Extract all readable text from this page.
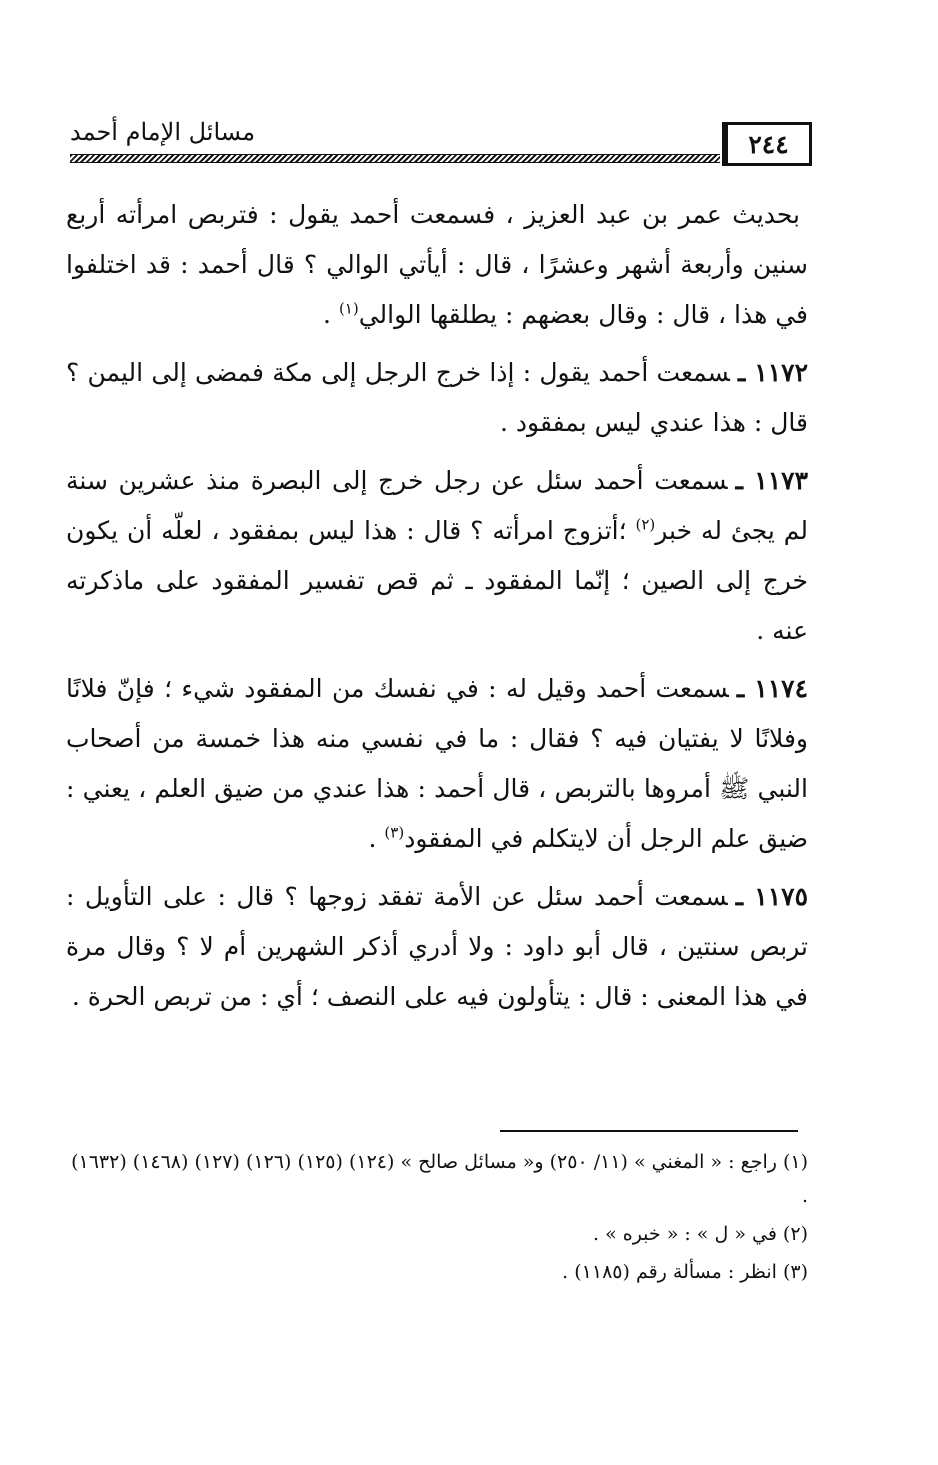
٢٤٤
مسائل الإمام أحمد

بحديث عمر بن عبد العزيز ، فسمعت أحمد يقول : فتربص امرأته أربع سنين وأربعة أشهر وعشرًا ، قال : أيأتي الوالي ؟ قال أحمد : قد اختلفوا في هذا ، قال : وقال بعضهم : يطلقها الوالي$^{(١)}$ .

١١٧٢ ـسمعت أحمد يقول : إذا خرج الرجل إلى مكة فمضى إلى اليمن ؟قال : هذا عندي ليس بمفقود .

١١٧٣ ـسمعت أحمد سئل عن رجل خرج إلى البصرة منذ عشرين سنة لم يجئ له خبر$^{(٢)}$ ؛أتزوج امرأته ؟ قال : هذا ليس بمفقود ، لعلّه أن يكون خرج إلى الصين ؛ إنّما المفقود ـ ثم قص تفسير المفقود على ماذكرته عنه .

١١٧٤ ـسمعت أحمد وقيل له : في نفسك من المفقود شيء ؛ فإنّ فلانًا وفلانًا لا يفتيان فيه ؟ فقال : ما في نفسي منه هذا خمسة من أصحاب النبي ﷺ أمروها بالتربص ، قال أحمد : هذا عندي من ضيق العلم ، يعني : ضيق علم الرجل أن لايتكلم في المفقود$^{(٣)}$ .

١١٧٥ ـسمعت أحمد سئل عن الأمة تفقد زوجها ؟ قال : على التأويل : تربص سنتين ، قال أبو داود : ولا أدري أذكر الشهرين أم لا ؟ وقال مرة في هذا المعنى : قال : يتأولون فيه على النصف ؛ أي : من تربص الحرة .

(١) راجع : « المغني » (١١/ ٢٥٠) و« مسائل صالح » (١٢٤) (١٢٥) (١٢٦) (١٢٧) (١٤٦٨) (١٦٣٢) .

(٢) في « ل » : « خبره » .

(٣) انظر : مسألة رقم (١١٨٥) .
